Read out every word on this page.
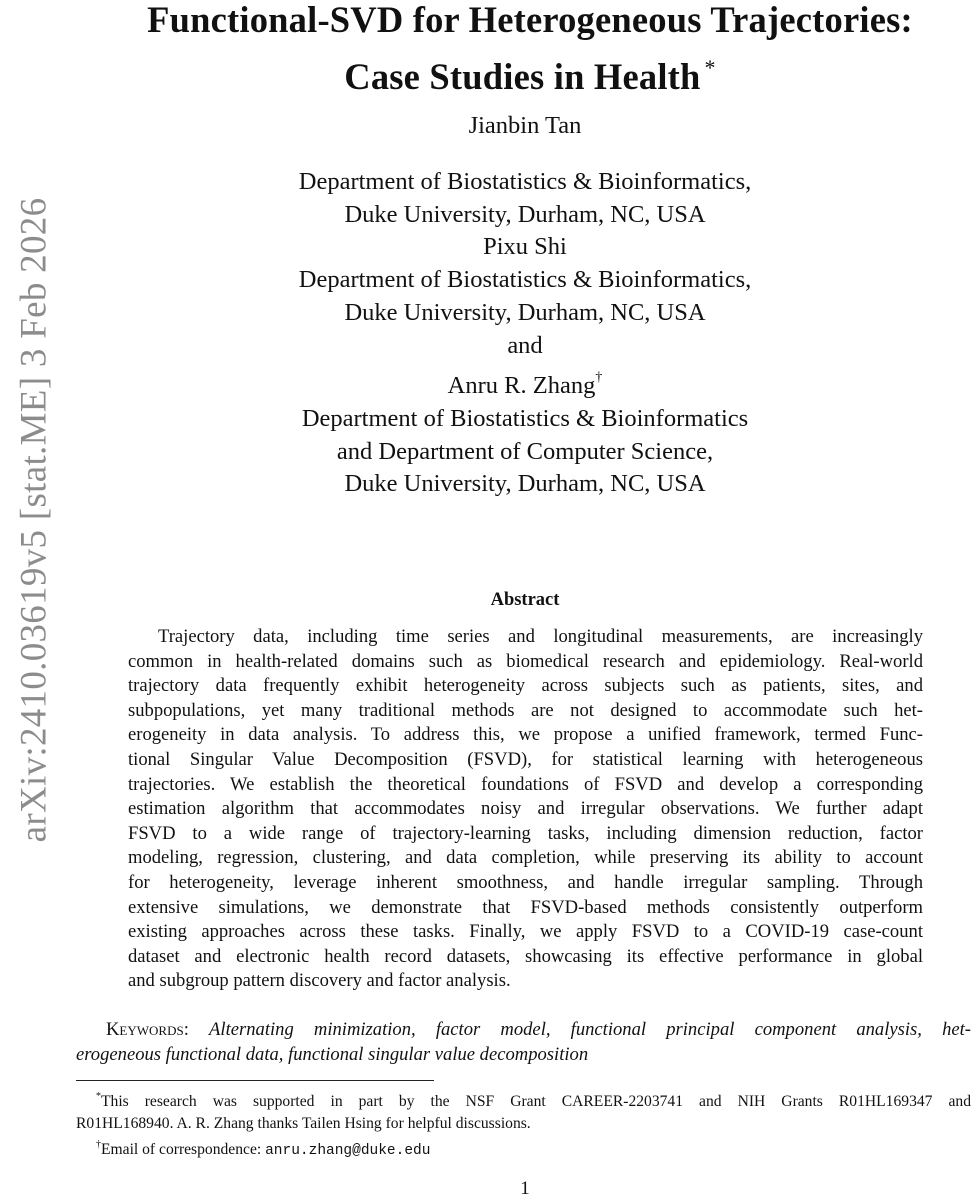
arXiv:2410.03619v5 [stat.ME] 3 Feb 2026
Functional-SVD for Heterogeneous Trajectories:
Case Studies in Health *
Jianbin Tan
Department of Biostatistics & Bioinformatics,
Duke University, Durham, NC, USA
Pixu Shi
Department of Biostatistics & Bioinformatics,
Duke University, Durham, NC, USA
and
Anru R. Zhang†
Department of Biostatistics & Bioinformatics
and Department of Computer Science,
Duke University, Durham, NC, USA
Abstract
Trajectory data, including time series and longitudinal measurements, are increasingly
common in health-related domains such as biomedical research and epidemiology. Real-world
trajectory data frequently exhibit heterogeneity across subjects such as patients, sites, and
subpopulations, yet many traditional methods are not designed to accommodate such het-
erogeneity in data analysis. To address this, we propose a unified framework, termed Func-
tional Singular Value Decomposition (FSVD), for statistical learning with heterogeneous
trajectories. We establish the theoretical foundations of FSVD and develop a corresponding
estimation algorithm that accommodates noisy and irregular observations. We further adapt
FSVD to a wide range of trajectory-learning tasks, including dimension reduction, factor
modeling, regression, clustering, and data completion, while preserving its ability to account
for heterogeneity, leverage inherent smoothness, and handle irregular sampling. Through
extensive simulations, we demonstrate that FSVD-based methods consistently outperform
existing approaches across these tasks. Finally, we apply FSVD to a COVID-19 case-count
dataset and electronic health record datasets, showcasing its effective performance in global
and subgroup pattern discovery and factor analysis.
Keywords: Alternating minimization, factor model, functional principal component analysis, het-
erogeneous functional data, functional singular value decomposition
*This research was supported in part by the NSF Grant CAREER-2203741 and NIH Grants R01HL169347 and
R01HL168940. A. R. Zhang thanks Tailen Hsing for helpful discussions.
†Email of correspondence: anru.zhang@duke.edu
1
